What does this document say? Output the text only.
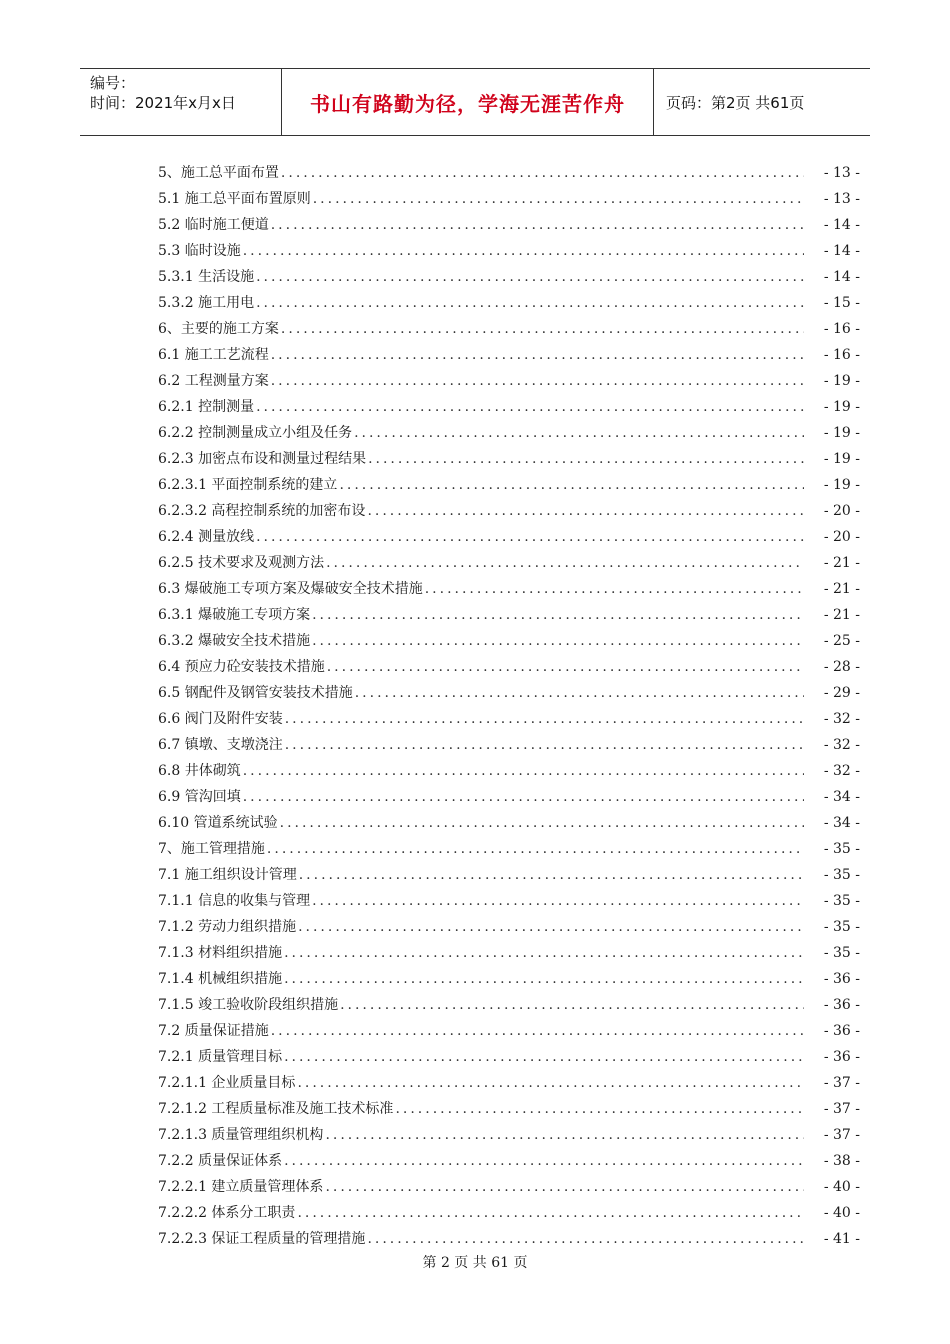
编号：
时间：2021年x月x日	书山有路勤为径，学海无涯苦作舟	页码：第2页 共61页
5、施工总平面布置 .....	- 13 -
5.1 施工总平面布置原则 .....	- 13 -
5.2 临时施工便道 .....	- 14 -
5.3 临时设施 .....	- 14 -
5.3.1 生活设施 .....	- 14 -
5.3.2 施工用电 .....	- 15 -
6、主要的施工方案 .....	- 16 -
6.1 施工工艺流程 .....	- 16 -
6.2 工程测量方案 .....	- 19 -
6.2.1 控制测量 .....	- 19 -
6.2.2 控制测量成立小组及任务 .....	- 19 -
6.2.3 加密点布设和测量过程结果 .....	- 19 -
6.2.3.1 平面控制系统的建立 .....	- 19 -
6.2.3.2 高程控制系统的加密布设 .....	- 20 -
6.2.4 测量放线 .....	- 20 -
6.2.5 技术要求及观测方法 .....	- 21 -
6.3 爆破施工专项方案及爆破安全技术措施 .....	- 21 -
6.3.1 爆破施工专项方案 .....	- 21 -
6.3.2 爆破安全技术措施 .....	- 25 -
6.4 预应力砼安装技术措施 .....	- 28 -
6.5 钢配件及钢管安装技术措施 .....	- 29 -
6.6 阀门及附件安装 .....	- 32 -
6.7 镇墩、支墩浇注 .....	- 32 -
6.8 井体砌筑 .....	- 32 -
6.9 管沟回填 .....	- 34 -
6.10 管道系统试验 .....	- 34 -
7、施工管理措施 .....	- 35 -
7.1 施工组织设计管理 .....	- 35 -
7.1.1 信息的收集与管理 .....	- 35 -
7.1.2 劳动力组织措施 .....	- 35 -
7.1.3 材料组织措施 .....	- 35 -
7.1.4 机械组织措施 .....	- 36 -
7.1.5 竣工验收阶段组织措施 .....	- 36 -
7.2 质量保证措施 .....	- 36 -
7.2.1 质量管理目标 .....	- 36 -
7.2.1.1 企业质量目标 .....	- 37 -
7.2.1.2 工程质量标准及施工技术标准 .....	- 37 -
7.2.1.3 质量管理组织机构 .....	- 37 -
7.2.2 质量保证体系 .....	- 38 -
7.2.2.1 建立质量管理体系 .....	- 40 -
7.2.2.2 体系分工职责 .....	- 40 -
7.2.2.3 保证工程质量的管理措施 .....	- 41 -
第 2 页 共 61 页
